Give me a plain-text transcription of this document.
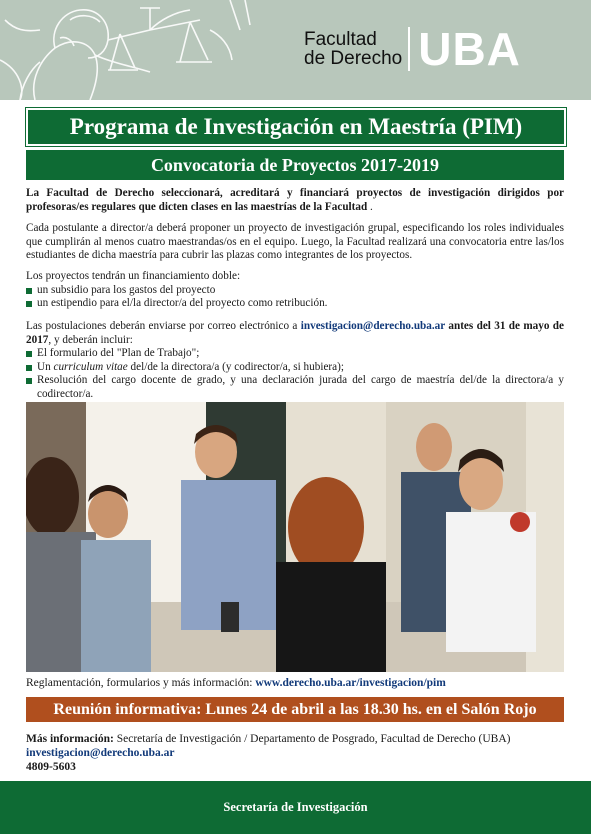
Facultad
de Derecho UBA
Programa de Investigación en Maestría (PIM)
Convocatoria de Proyectos 2017-2019
La Facultad de Derecho seleccionará, acreditará y financiará proyectos de investigación dirigidos por profesoras/es regulares que dicten clases en las maestrías de la Facultad .
Cada postulante a director/a deberá proponer un proyecto de investigación grupal, especificando los roles individuales que cumplirán al menos cuatro maestrandas/os en el equipo. Luego, la Facultad realizará una convocatoria entre las/los estudiantes de dicha maestría para cubrir las plazas como integrantes de los proyectos.
Los proyectos tendrán un financiamiento doble:
un subsidio para los gastos del proyecto
un estipendio para el/la director/a del proyecto como retribución.
Las postulaciones deberán enviarse por correo electrónico a investigacion@derecho.uba.ar antes del 31 de mayo de 2017, y deberán incluir:
El formulario del "Plan de Trabajo";
Un curriculum vitae del/de la directora/a (y codirector/a, si hubiera);
Resolución del cargo docente de grado, y una declaración jurada del cargo de maestría del/de la directora/a y codirector/a.
Reglamentación, formularios y más información: www.derecho.uba.ar/investigacion/pim
Reunión informativa: Lunes 24 de abril a las 18.30 hs. en el Salón Rojo
Más información: Secretaría de Investigación / Departamento de Posgrado, Facultad de Derecho (UBA)
investigacion@derecho.uba.ar
4809-5603
Secretaría de Investigación
